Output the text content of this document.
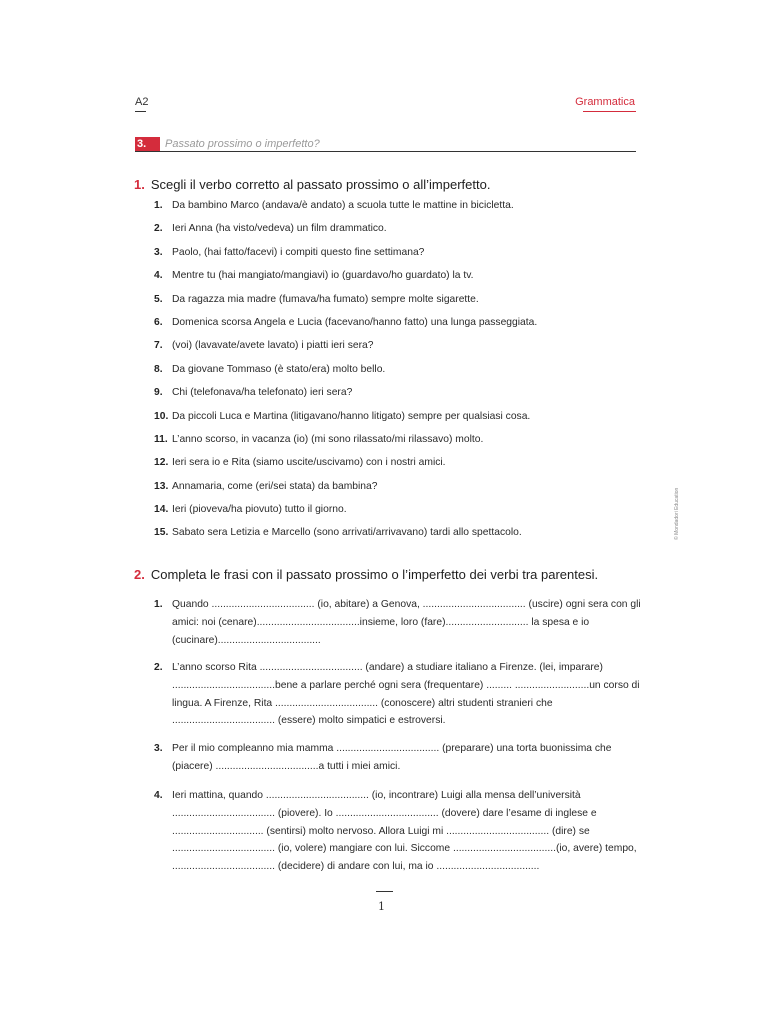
A2	Grammatica
3.	Passato prossimo o imperfetto?
1. Scegli il verbo corretto al passato prossimo o all’imperfetto.
1. Da bambino Marco (andava/è andato) a scuola tutte le mattine in bicicletta.
2. Ieri Anna (ha visto/vedeva) un film drammatico.
3. Paolo, (hai fatto/facevi) i compiti questo fine settimana?
4. Mentre tu (hai mangiato/mangiavi) io (guardavo/ho guardato) la tv.
5. Da ragazza mia madre (fumava/ha fumato) sempre molte sigarette.
6. Domenica scorsa Angela e Lucia (facevano/hanno fatto) una lunga passeggiata.
7. (voi) (lavavate/avete lavato) i piatti ieri sera?
8. Da giovane Tommaso (è stato/era) molto bello.
9. Chi (telefonava/ha telefonato) ieri sera?
10. Da piccoli Luca e Martina (litigavano/hanno litigato) sempre per qualsiasi cosa.
11. L’anno scorso, in vacanza (io) (mi sono rilassato/mi rilassavo) molto.
12. Ieri sera io e Rita (siamo uscite/uscivamo) con i nostri amici.
13. Annamaria, come (eri/sei stata) da bambina?
14. Ieri (pioveva/ha piovuto) tutto il giorno.
15. Sabato sera Letizia e Marcello (sono arrivati/arrivavano) tardi allo spettacolo.
2. Completa le frasi con il passato prossimo o l’imperfetto dei verbi tra parentesi.
1. Quando .................................... (io, abitare) a Genova, .................................... (uscire) ogni sera con gli amici: noi (cenare)....................................insieme, loro (fare)............................. la spesa e io (cucinare)....................................
2. L’anno scorso Rita .................................... (andare) a studiare italiano a Firenze. (lei, imparare) ....................................bene a parlare perché ogni sera (frequentare) ......... ..........................un corso di lingua. A Firenze, Rita .................................... (conoscere) altri studenti stranieri che .................................... (essere) molto simpatici e estroversi.
3. Per il mio compleanno mia mamma .................................... (preparare) una torta buonissima che (piacere) ....................................a tutti i miei amici.
4. Ieri mattina, quando .................................... (io, incontrare) Luigi alla mensa dell’università .................................... (piovere). Io .................................... (dovere) dare l’esame di inglese e ................................ (sentirsi) molto nervoso. Allora Luigi mi .................................... (dire) se .................................... (io, volere) mangiare con lui. Siccome ....................................(io, avere) tempo, .................................... (decidere) di andare con lui, ma io ....................................
© Mondadori Education
1
